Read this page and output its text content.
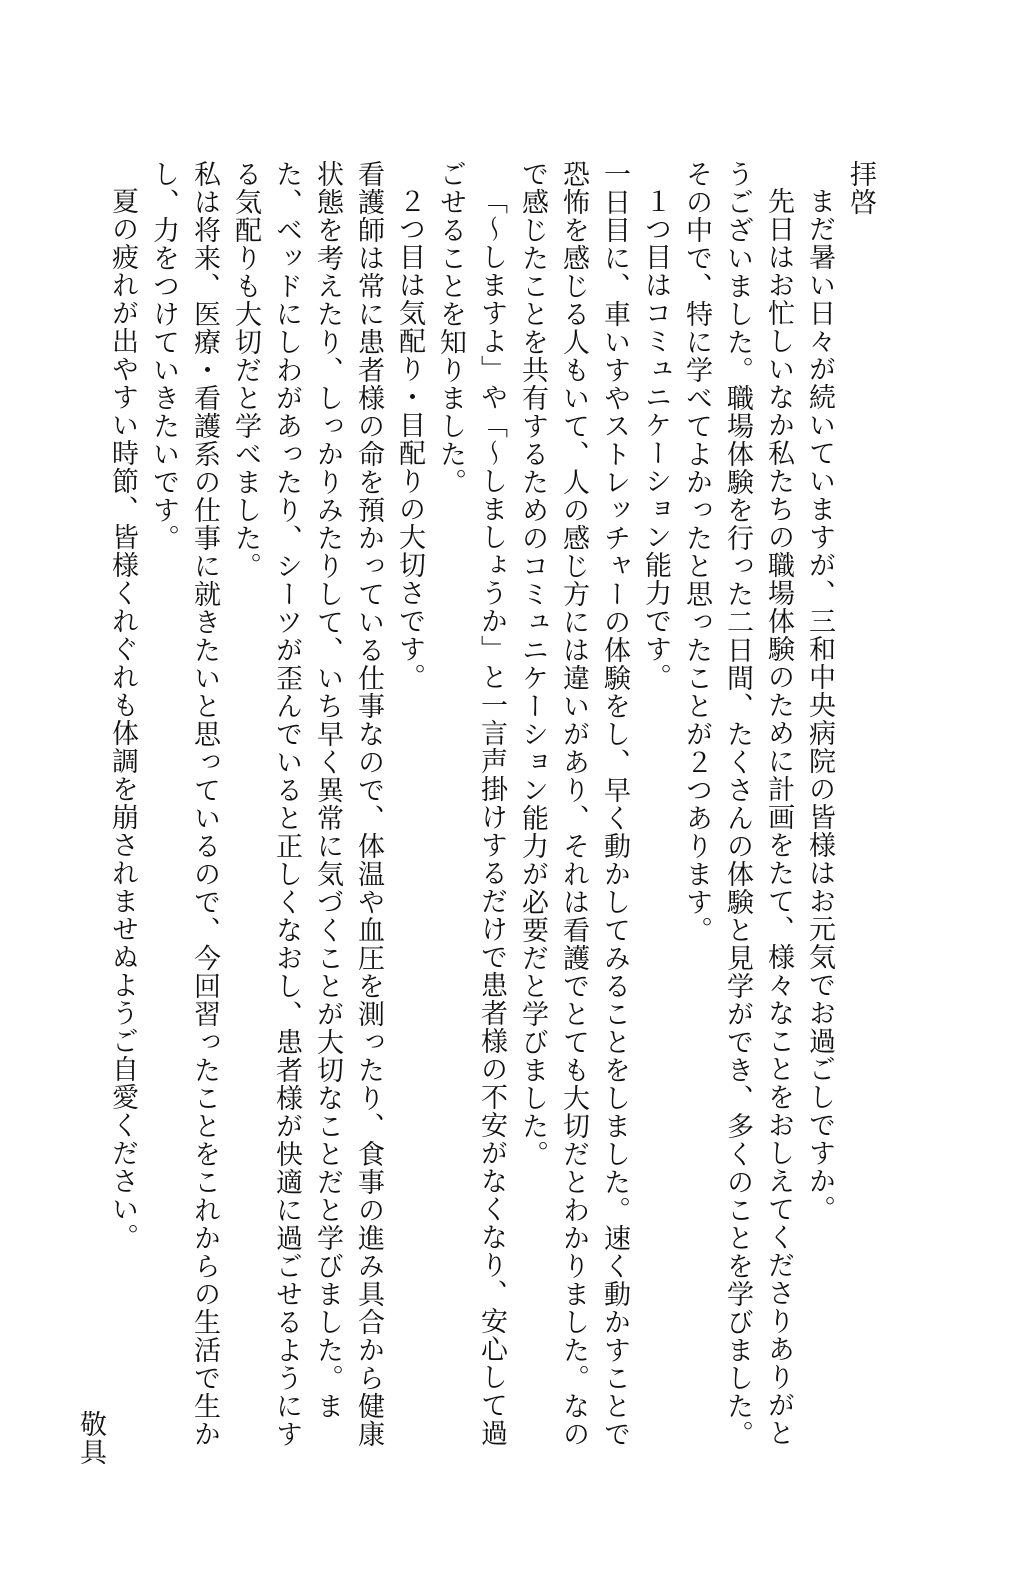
拝啓

まだ暑い日々が続いていますが、三和中央病院の皆様はお元気でお過ごしですか。

先日はお忙しいなか私たちの職場体験のために計画をたて、様々なことをおしえてくださりありがとうございました。職場体験を行った二日間、たくさんの体験と見学ができ、多くのことを学びました。その中で、特に学べてよかったと思ったことが２つあります。

１つ目はコミュニケーション能力です。

一日目に、車いすやストレッチャーの体験をし、早く動かしてみることをしました。速く動かすことで恐怖を感じる人もいて、人の感じ方には違いがあり、それは看護でとても大切だとわかりました。なので感じたことを共有するためのコミュニケーション能力が必要だと学びました。

「～しますよ」や「～しましょうか」と一言声掛けするだけで患者様の不安がなくなり、安心して過ごせることを知りました。

２つ目は気配り・目配りの大切さです。

看護師は常に患者様の命を預かっている仕事なので、体温や血圧を測ったり、食事の進み具合から健康状態を考えたり、しっかりみたりして、いち早く異常に気づくことが大切なことだと学びました。また、ベッドにしわがあったり、シーツが歪んでいると正しくなおし、患者様が快適に過ごせるようにする気配りも大切だと学べました。

私は将来、医療・看護系の仕事に就きたいと思っているので、今回習ったことをこれからの生活で生かし、力をつけていきたいです。

夏の疲れが出やすい時節、皆様くれぐれも体調を崩されませぬようご自愛ください。

敬具
